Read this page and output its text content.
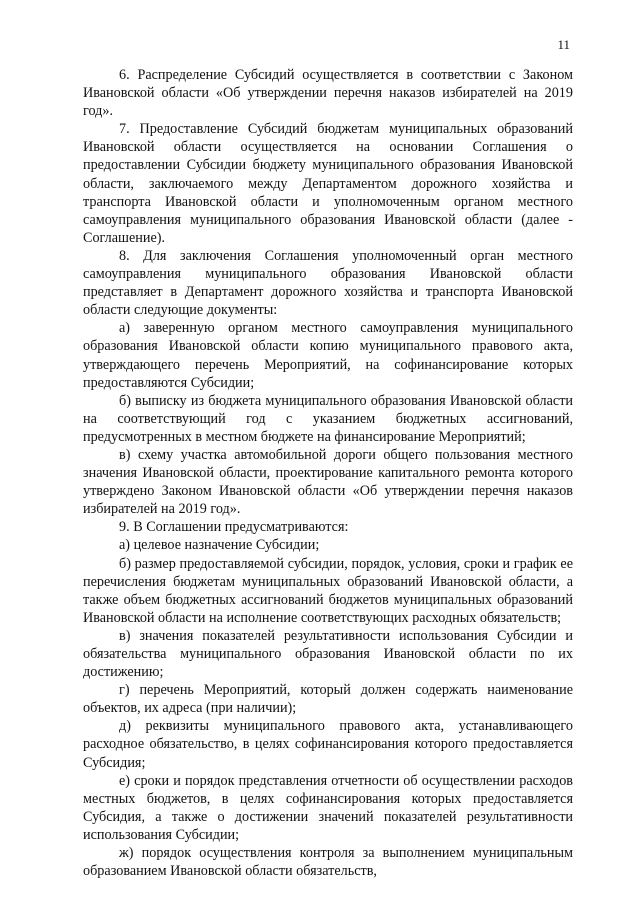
11

6. Распределение Субсидий осуществляется в соответствии с Законом Ивановской области «Об утверждении перечня наказов избирателей на 2019 год».

7. Предоставление Субсидий бюджетам муниципальных образований Ивановской области осуществляется на основании Соглашения о предоставлении Субсидии бюджету муниципального образования Ивановской области, заключаемого между Департаментом дорожного хозяйства и транспорта Ивановской области и уполномоченным органом местного самоуправления муниципального образования Ивановской области (далее - Соглашение).

8. Для заключения Соглашения уполномоченный орган местного самоуправления муниципального образования Ивановской области представляет в Департамент дорожного хозяйства и транспорта Ивановской области следующие документы:

а) заверенную органом местного самоуправления муниципального образования Ивановской области копию муниципального правового акта, утверждающего перечень Мероприятий, на софинансирование которых предоставляются Субсидии;

б) выписку из бюджета муниципального образования Ивановской области на соответствующий год с указанием бюджетных ассигнований, предусмотренных в местном бюджете на финансирование Мероприятий;

в) схему участка автомобильной дороги общего пользования местного значения Ивановской области, проектирование капитального ремонта которого утверждено Законом Ивановской области «Об утверждении перечня наказов избирателей на 2019 год».

9. В Соглашении предусматриваются:

а) целевое назначение Субсидии;

б) размер предоставляемой субсидии, порядок, условия, сроки и график ее перечисления бюджетам муниципальных образований Ивановской области, а также объем бюджетных ассигнований бюджетов муниципальных образований Ивановской области на исполнение соответствующих расходных обязательств;

в) значения показателей результативности использования Субсидии и обязательства муниципального образования Ивановской области по их достижению;

г) перечень Мероприятий, который должен содержать наименование объектов, их адреса (при наличии);

д) реквизиты муниципального правового акта, устанавливающего расходное обязательство, в целях софинансирования которого предоставляется Субсидия;

е) сроки и порядок представления отчетности об осуществлении расходов местных бюджетов, в целях софинансирования которых предоставляется Субсидия, а также о достижении значений показателей результативности использования Субсидии;

ж) порядок осуществления контроля за выполнением муниципальным образованием Ивановской области обязательств,
